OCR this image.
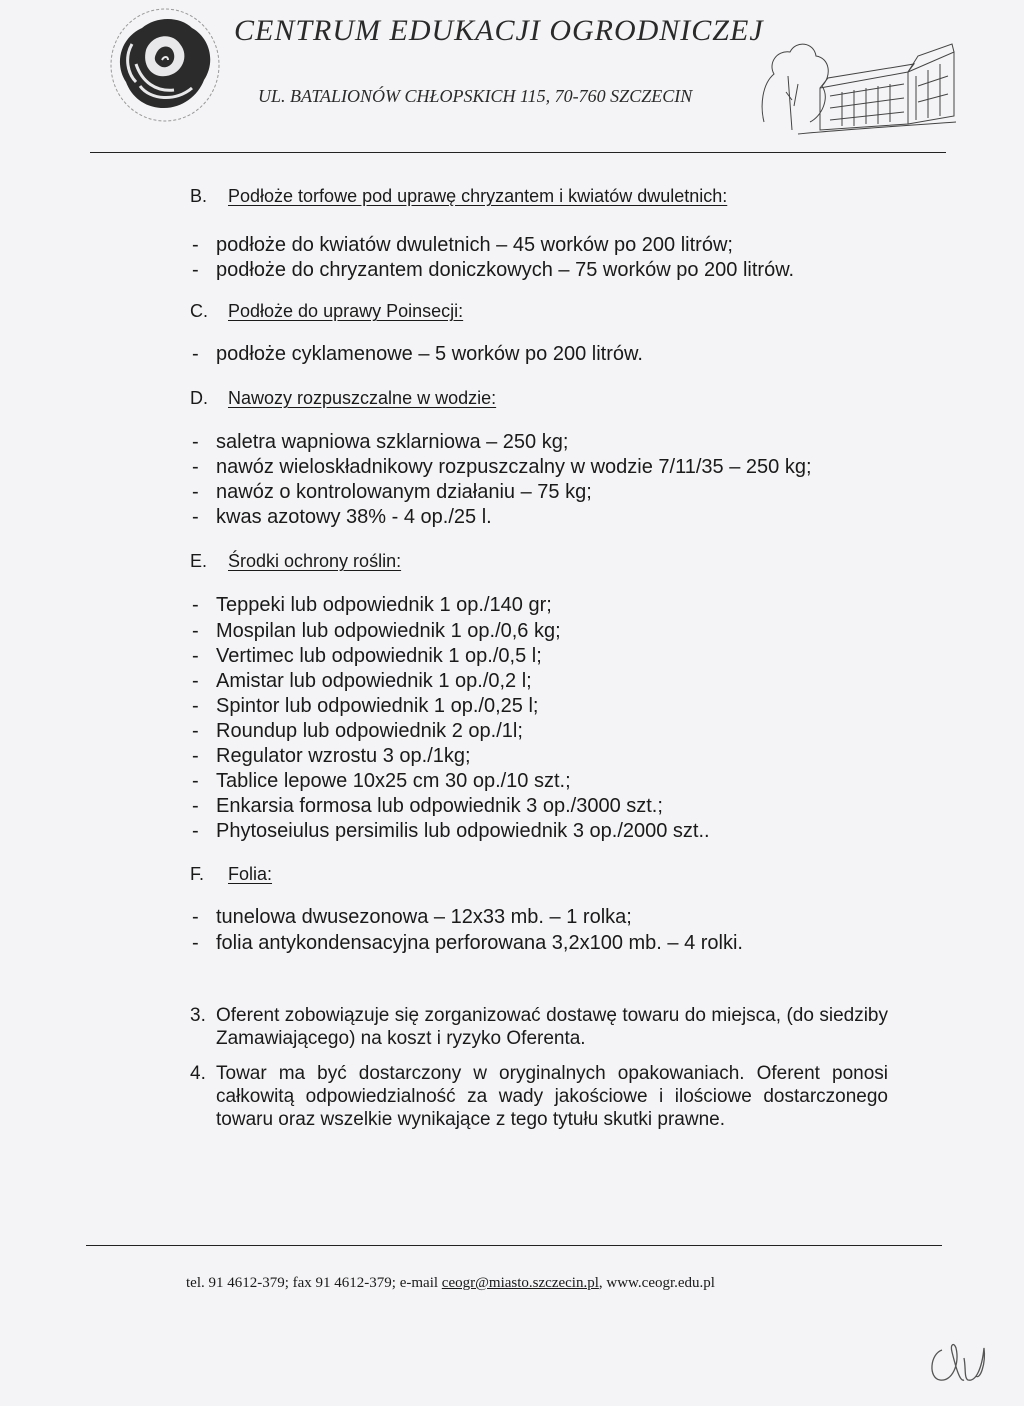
CENTRUM EDUKACJI OGRODNICZEJ
UL. BATALIONÓW CHŁOPSKICH 115, 70-760 SZCZECIN
B. Podłoże torfowe pod uprawę chryzantem i kwiatów dwuletnich:
- podłoże do kwiatów dwuletnich – 45 worków po 200 litrów;
- podłoże do chryzantem doniczkowych – 75 worków po 200 litrów.
C. Podłoże do uprawy Poinsecji:
- podłoże cyklamenowe – 5 worków po 200 litrów.
D. Nawozy rozpuszczalne w wodzie:
- saletra wapniowa szklarniowa – 250 kg;
- nawóz wieloskładnikowy rozpuszczalny w wodzie 7/11/35 – 250 kg;
- nawóz o kontrolowanym działaniu – 75 kg;
- kwas azotowy 38% - 4 op./25 l.
E. Środki ochrony roślin:
- Teppeki lub odpowiednik 1 op./140 gr;
- Mospilan lub odpowiednik 1 op./0,6 kg;
- Vertimec lub odpowiednik 1 op./0,5 l;
- Amistar lub odpowiednik 1 op./0,2 l;
- Spintor lub odpowiednik 1 op./0,25 l;
- Roundup lub odpowiednik 2 op./1l;
- Regulator wzrostu 3 op./1kg;
- Tablice lepowe 10x25 cm 30 op./10 szt.;
- Enkarsia formosa lub odpowiednik 3 op./3000 szt.;
- Phytoseiulus persimilis lub odpowiednik 3 op./2000 szt..
F. Folia:
- tunelowa dwusezonowa – 12x33 mb. – 1 rolka;
- folia antykondensacyjna perforowana 3,2x100 mb. – 4 rolki.
3. Oferent zobowiązuje się zorganizować dostawę towaru do miejsca, (do siedziby Zamawiającego) na koszt i ryzyko Oferenta.
4. Towar ma być dostarczony w oryginalnych opakowaniach. Oferent ponosi całkowitą odpowiedzialność za wady jakościowe i ilościowe dostarczonego towaru oraz wszelkie wynikające z tego tytułu skutki prawne.
tel. 91 4612-379; fax 91 4612-379; e-mail ceogr@miasto.szczecin.pl, www.ceogr.edu.pl
